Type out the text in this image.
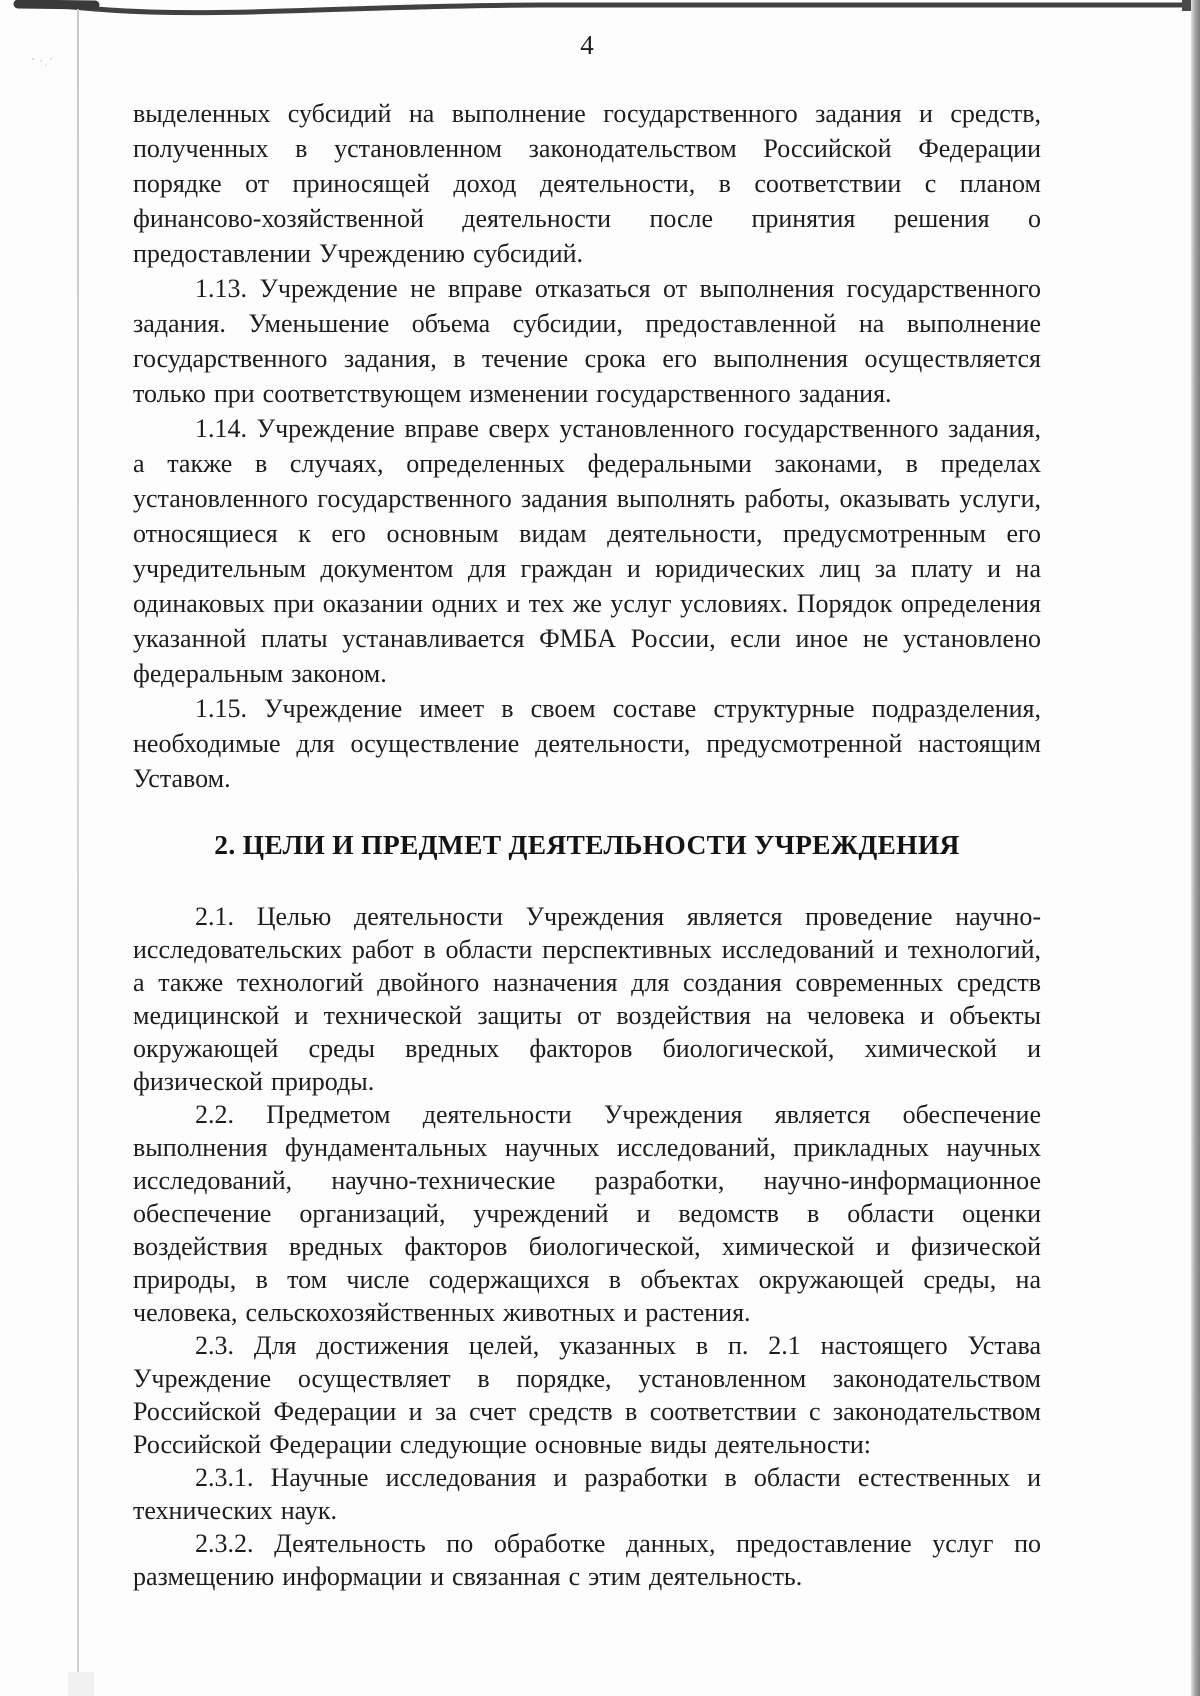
4

выделенных субсидий на выполнение государственного задания и средств, полученных в установленном законодательством Российской Федерации порядке от приносящей доход деятельности, в соответствии с планом финансово-хозяйственной деятельности после принятия решения о предоставлении Учреждению субсидий.

1.13. Учреждение не вправе отказаться от выполнения государственного задания. Уменьшение объема субсидии, предоставленной на выполнение государственного задания, в течение срока его выполнения осуществляется только при соответствующем изменении государственного задания.

1.14. Учреждение вправе сверх установленного государственного задания, а также в случаях, определенных федеральными законами, в пределах установленного государственного задания выполнять работы, оказывать услуги, относящиеся к его основным видам деятельности, предусмотренным его учредительным документом для граждан и юридических лиц за плату и на одинаковых при оказании одних и тех же услуг условиях. Порядок определения указанной платы устанавливается ФМБА России, если иное не установлено федеральным законом.

1.15. Учреждение имеет в своем составе структурные подразделения, необходимые для осуществление деятельности, предусмотренной настоящим Уставом.

2. ЦЕЛИ И ПРЕДМЕТ ДЕЯТЕЛЬНОСТИ УЧРЕЖДЕНИЯ

2.1. Целью деятельности Учреждения является проведение научно-исследовательских работ в области перспективных исследований и технологий, а также технологий двойного назначения для создания современных средств медицинской и технической защиты от воздействия на человека и объекты окружающей среды вредных факторов биологической, химической и физической природы.

2.2. Предметом деятельности Учреждения является обеспечение выполнения фундаментальных научных исследований, прикладных научных исследований, научно-технические разработки, научно-информационное обеспечение организаций, учреждений и ведомств в области оценки воздействия вредных факторов биологической, химической и физической природы, в том числе содержащихся в объектах окружающей среды, на человека, сельскохозяйственных животных и растения.

2.3. Для достижения целей, указанных в п. 2.1 настоящего Устава Учреждение осуществляет в порядке, установленном законодательством Российской Федерации и за счет средств в соответствии с законодательством Российской Федерации следующие основные виды деятельности:

2.3.1. Научные исследования и разработки в области естественных и технических наук.

2.3.2. Деятельность по обработке данных, предоставление услуг по размещению информации и связанная с этим деятельность.
